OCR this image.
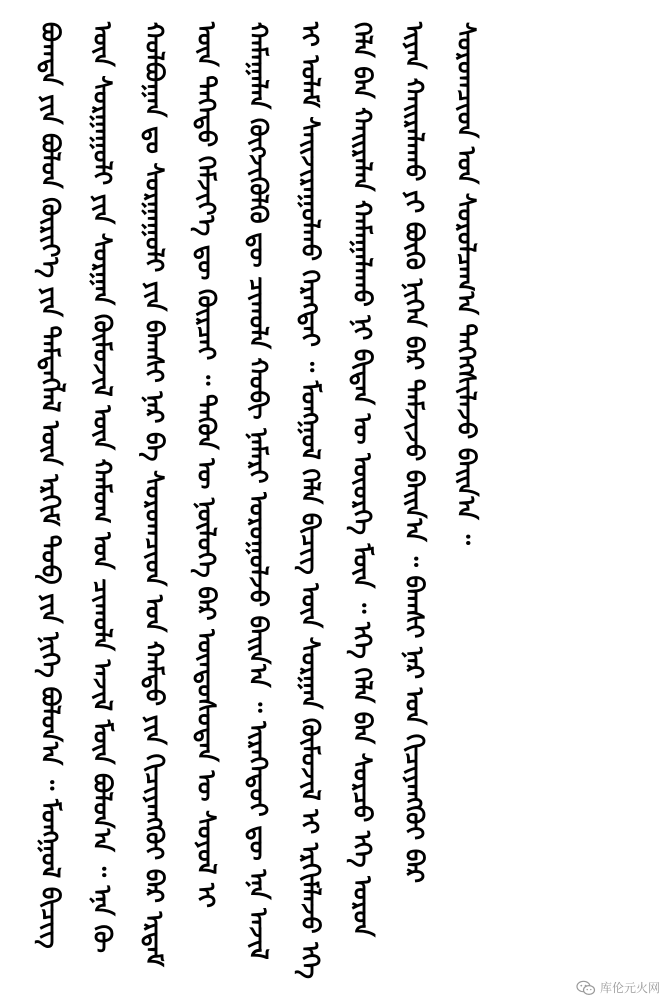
ᠪᠣᠭᠳᠠ ᠶᠢᠨ ᠪᠤᠯᠤᠨ ᠬᠦᠷᠢᠶ᠎ᠡ ᠶᠢᠨ ᠲᠡᠮᠳᠡᠭᠯᠡᠯ ᠦᠨ ᠡᠷᠬᠢᠮ ᠳᠣᠪ ᠶᠢᠨ ᠨᠢᠭᠡ ᠪᠣᠯᠤᠨ᠎ᠠ ᠃ ᠮᠣᠩᠭᠣᠯ ᠪᠢᠴᠢᠭ ᠦᠨ ᠰᠤᠷᠭᠠᠭᠤᠯᠢ ᠶᠢᠨ ᠰᠤᠷᠭᠠᠨ ᠬᠦᠮᠦᠵᠢᠯ ᠦᠨ ᠬᠠᠮᠤᠭ ᠤᠨ ᠴᠢᠬᠤᠯᠠ ᠠᠵᠢᠯ ᠮᠥᠨ ᠪᠣᠯᠤᠨ᠎ᠠ ᠃ ᠡᠨᠡ ᠬᠦ ᠬᠣᠯᠪᠣᠭᠠᠨ ᠳᠤ ᠰᠤᠷᠭᠠᠭᠤᠯᠢ ᠶᠢᠨ ᠪᠠᠭᠰᠢ ᠨᠠᠷ ᠪᠠ ᠰᠤᠷᠤᠭᠴᠢᠳ ᠤᠨ ᠬᠠᠮᠲᠤ ᠶᠢᠨ ᠬᠢᠴᠢᠶᠡᠩᠭᠦᠢ ᠪᠡᠷ ᠡᠷᠳᠡᠮ ᠦᠨ ᠳᠡᠭᠡᠳᠦ ᠬᠡᠮᠵᠢᠶ᠎ᠡ ᠳᠦ ᠬᠦᠷᠴᠡᠢ ᠃ ᠲᠡᠭᠦᠨ ᠦ ᠨᠥᠯᠦᠭᠡ ᠪᠡᠷ ᠦᠨᠳᠦᠰᠦᠲᠡᠨ ᠦ ᠰᠣᠶᠣᠯ ᠢ ᠬᠠᠮᠠᠭᠠᠯᠠᠨ ᠬᠥᠭᠵᠢᠭᠦᠯᠬᠦ ᠳᠦ ᠴᠢᠬᠤᠯᠠ ᠬᠤᠪᠢ ᠨᠡᠮᠡᠷᠢ ᠣᠷᠣᠭᠤᠯᠵᠤ ᠪᠠᠢᠨ᠎ᠠ ᠃ ᠢᠷᠡᠭᠡᠳᠦᠢ ᠳᠦ ᠡᠨᠡ ᠠᠵᠢᠯ ᠢ ᠤᠯᠠᠮ ᠰᠠᠢᠵᠢᠷᠠᠭᠤᠯᠬᠤ ᠬᠡᠷᠡᠭᠲᠡᠢ ᠃ ᠮᠣᠩᠭᠣᠯ ᠬᠡᠯᠡ ᠪᠢᠴᠢᠭ ᠦᠨ ᠰᠤᠷᠭᠠᠨ ᠬᠦᠮᠦᠵᠢᠯ ᠢ ᠡᠷᠬᠢᠮᠯᠡᠵᠦ ᠡᠬᠡ ᠬᠡᠯᠡ ᠪᠡᠨ ᠬᠠᠢᠷᠠᠯᠠᠨ ᠬᠠᠮᠠᠭᠠᠯᠠᠬᠤ ᠨᠢ ᠪᠢᠳᠡᠨ ᠦ ᠦᠦᠷᠭᠡ ᠮᠥᠨ ᠃ ᠡᠬᠡ ᠬᠡᠯᠡ ᠪᠡᠨ ᠰᠤᠷᠴᠤ ᠡᠬᠡ ᠣᠷᠣᠨ ᠢᠶᠠᠨ ᠬᠠᠢᠷᠠᠯᠠᠬᠤ ᠶᠢ ᠪᠥᠬᠦ ᠨᠢᠭᠡᠨ ᠪᠠᠷ ᠳᠡᠮᠵᠢᠵᠦ ᠪᠠᠢᠨ᠎ᠠ ᠃ ᠪᠠᠭᠰᠢ ᠨᠠᠷ ᠤᠨ ᠬᠢᠴᠢᠶᠡᠩᠭᠦᠢ ᠪᠡᠷ ᠰᠤᠷᠤᠭᠴᠢᠳ ᠤᠨ ᠰᠤᠷᠤᠯᠴᠠᠭ᠎ᠠ ᠳᠡᠭᠡᠭᠰᠢᠯᠡᠵᠦ ᠪᠠᠢᠨ᠎ᠠ ᠃
库伦元火网
